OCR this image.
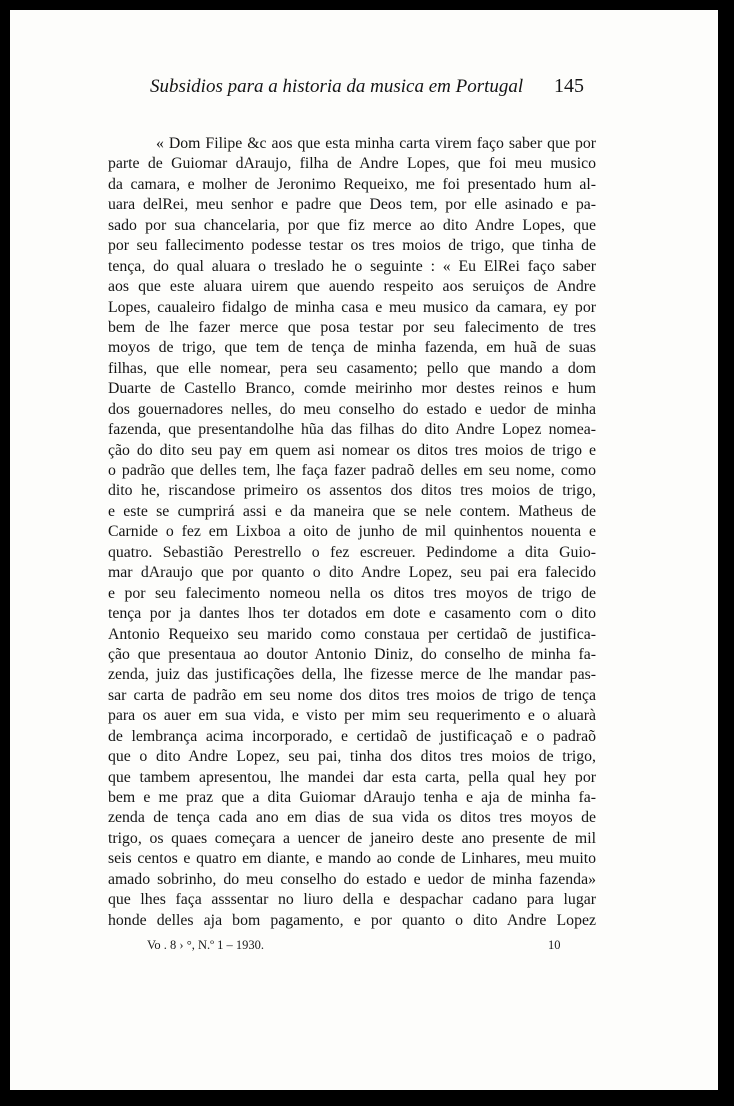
Subsidios para a historia da musica em Portugal 145
« Dom Filipe &c aos que esta minha carta virem faço saber que por
parte de Guiomar dAraujo, filha de Andre Lopes, que foi meu musico
da camara, e molher de Jeronimo Requeixo, me foi presentado hum al-
uara delRei, meu senhor e padre que Deos tem, por elle asinado e pa-
sado por sua chancelaria, por que fiz merce ao dito Andre Lopes, que
por seu fallecimento podesse testar os tres moios de trigo, que tinha de
tença, do qual aluara o treslado he o seguinte : « Eu ElRei faço saber
aos que este aluara uirem que auendo respeito aos seruiços de Andre
Lopes, caualeiro fidalgo de minha casa e meu musico da camara, ey por
bem de lhe fazer merce que posa testar por seu falecimento de tres
moyos de trigo, que tem de tença de minha fazenda, em huã de suas
filhas, que elle nomear, pera seu casamento; pello que mando a dom
Duarte de Castello Branco, comde meirinho mor destes reinos e hum
dos gouernadores nelles, do meu conselho do estado e uedor de minha
fazenda, que presentandolhe hũa das filhas do dito Andre Lopez nomea-
ção do dito seu pay em quem asi nomear os ditos tres moios de trigo e
o padrão que delles tem, lhe faça fazer padraõ delles em seu nome, como
dito he, riscandose primeiro os assentos dos ditos tres moios de trigo,
e este se cumprirá assi e da maneira que se nele contem. Matheus de
Carnide o fez em Lixboa a oito de junho de mil quinhentos nouenta e
quatro. Sebastião Perestrello o fez escreuer. Pedindome a dita Guio-
mar dAraujo que por quanto o dito Andre Lopez, seu pai era falecido
e por seu falecimento nomeou nella os ditos tres moyos de trigo de
tença por ja dantes lhos ter dotados em dote e casamento com o dito
Antonio Requeixo seu marido como constaua per certidaõ de justifica-
ção que presentaua ao doutor Antonio Diniz, do conselho de minha fa-
zenda, juiz das justificações della, lhe fizesse merce de lhe mandar pas-
sar carta de padrão em seu nome dos ditos tres moios de trigo de tença
para os auer em sua vida, e visto per mim seu requerimento e o aluarà
de lembrança acima incorporado, e certidaõ de justificaçaõ e o padraõ
que o dito Andre Lopez, seu pai, tinha dos ditos tres moios de trigo,
que tambem apresentou, lhe mandei dar esta carta, pella qual hey por
bem e me praz que a dita Guiomar dAraujo tenha e aja de minha fa-
zenda de tença cada ano em dias de sua vida os ditos tres moyos de
trigo, os quaes começara a uencer de janeiro deste ano presente de mil
seis centos e quatro em diante, e mando ao conde de Linhares, meu muito
amado sobrinho, do meu conselho do estado e uedor de minha fazenda»
que lhes faça asssentar no liuro della e despachar cadano para lugar
honde delles aja bom pagamento, e por quanto o dito Andre Lopez
Vo . 8 › °, N.º 1 – 1930.	10
